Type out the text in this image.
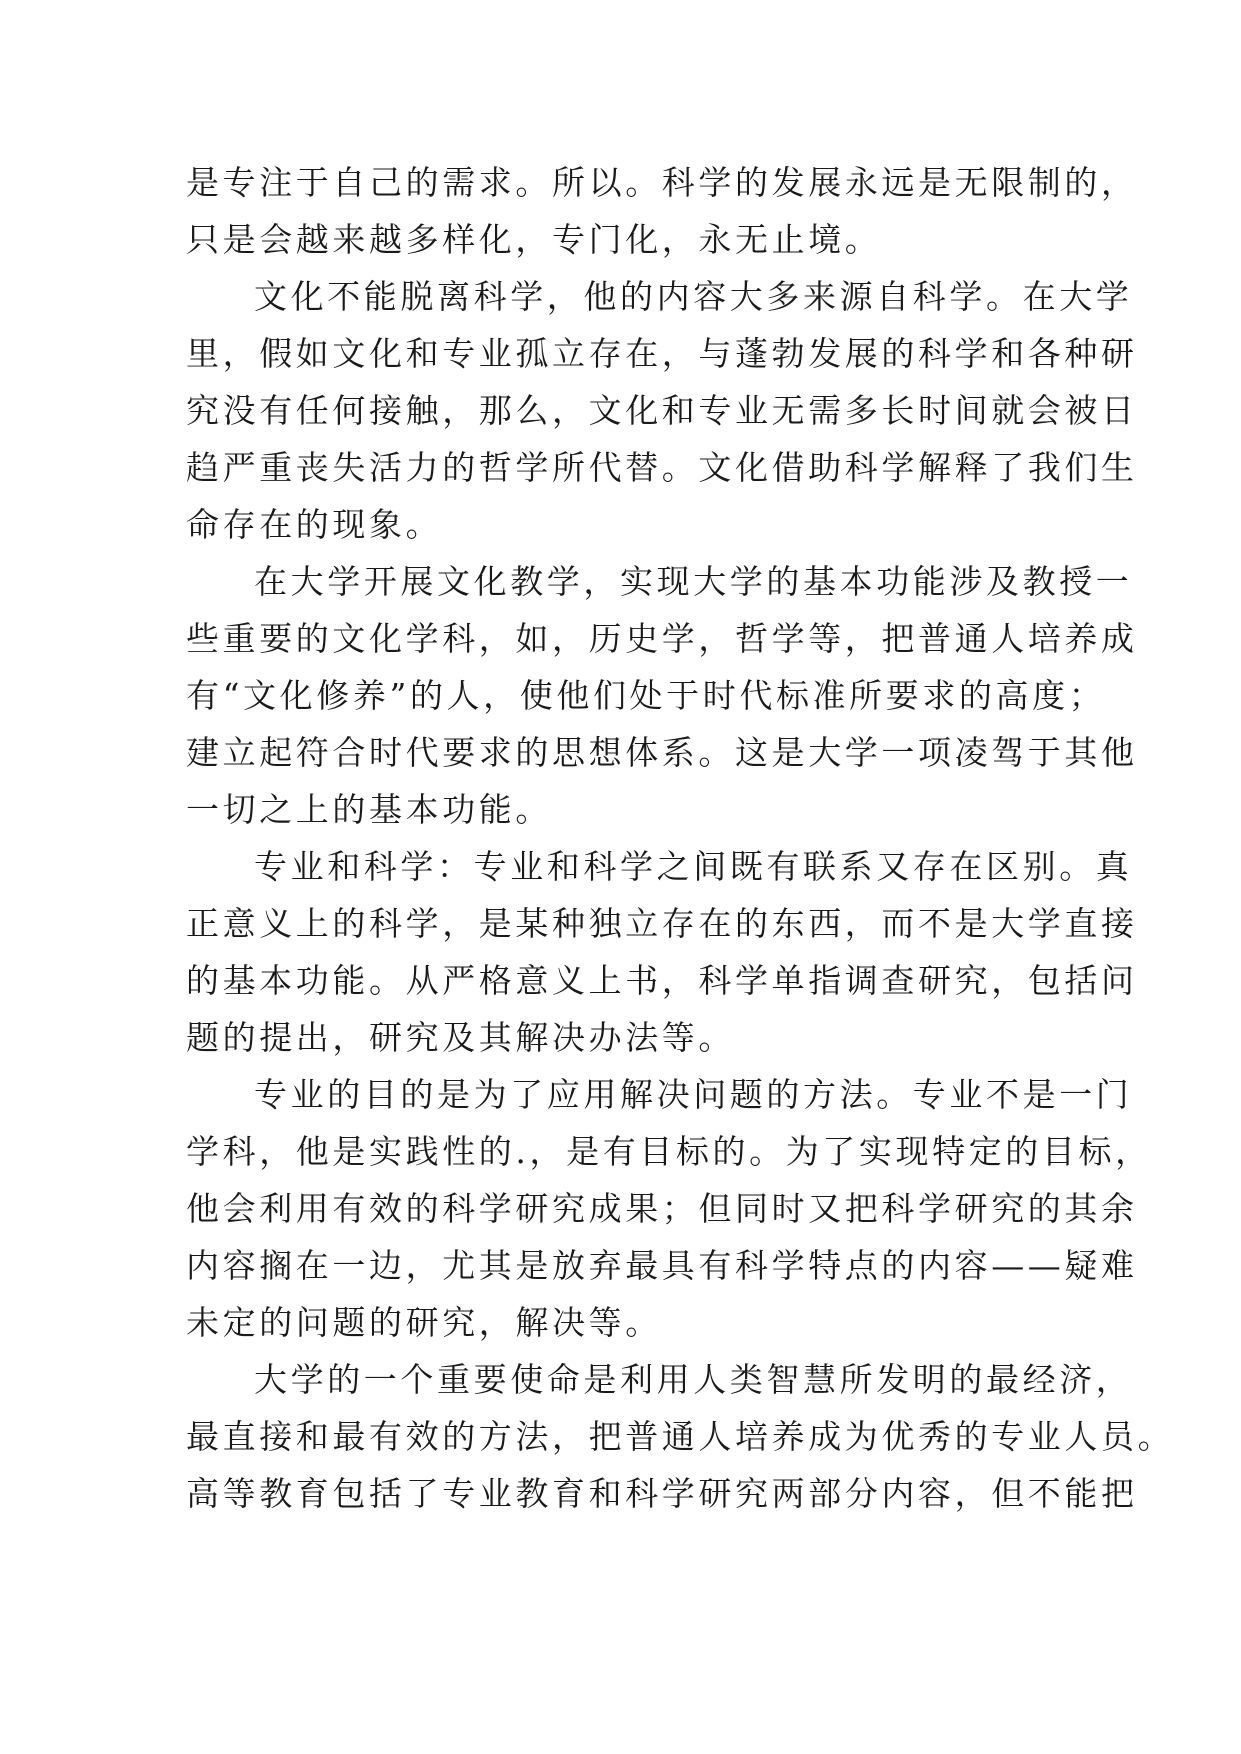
是专注于自己的需求。所以。科学的发展永远是无限制的，
只是会越来越多样化，专门化，永无止境。
文化不能脱离科学，他的内容大多来源自科学。在大学
里，假如文化和专业孤立存在，与蓬勃发展的科学和各种研
究没有任何接触，那么，文化和专业无需多长时间就会被日
趋严重丧失活力的哲学所代替。文化借助科学解释了我们生
命存在的现象。
在大学开展文化教学，实现大学的基本功能涉及教授一
些重要的文化学科，如，历史学，哲学等，把普通人培养成
有“文化修养”的人，使他们处于时代标准所要求的高度；
建立起符合时代要求的思想体系。这是大学一项凌驾于其他
一切之上的基本功能。
专业和科学：专业和科学之间既有联系又存在区别。真
正意义上的科学，是某种独立存在的东西，而不是大学直接
的基本功能。从严格意义上书，科学单指调查研究，包括问
题的提出，研究及其解决办法等。
专业的目的是为了应用解决问题的方法。专业不是一门
学科，他是实践性的.，是有目标的。为了实现特定的目标，
他会利用有效的科学研究成果；但同时又把科学研究的其余
内容搁在一边，尤其是放弃最具有科学特点的内容——疑难
未定的问题的研究，解决等。
大学的一个重要使命是利用人类智慧所发明的最经济，
最直接和最有效的方法，把普通人培养成为优秀的专业人员。
高等教育包括了专业教育和科学研究两部分内容，但不能把
